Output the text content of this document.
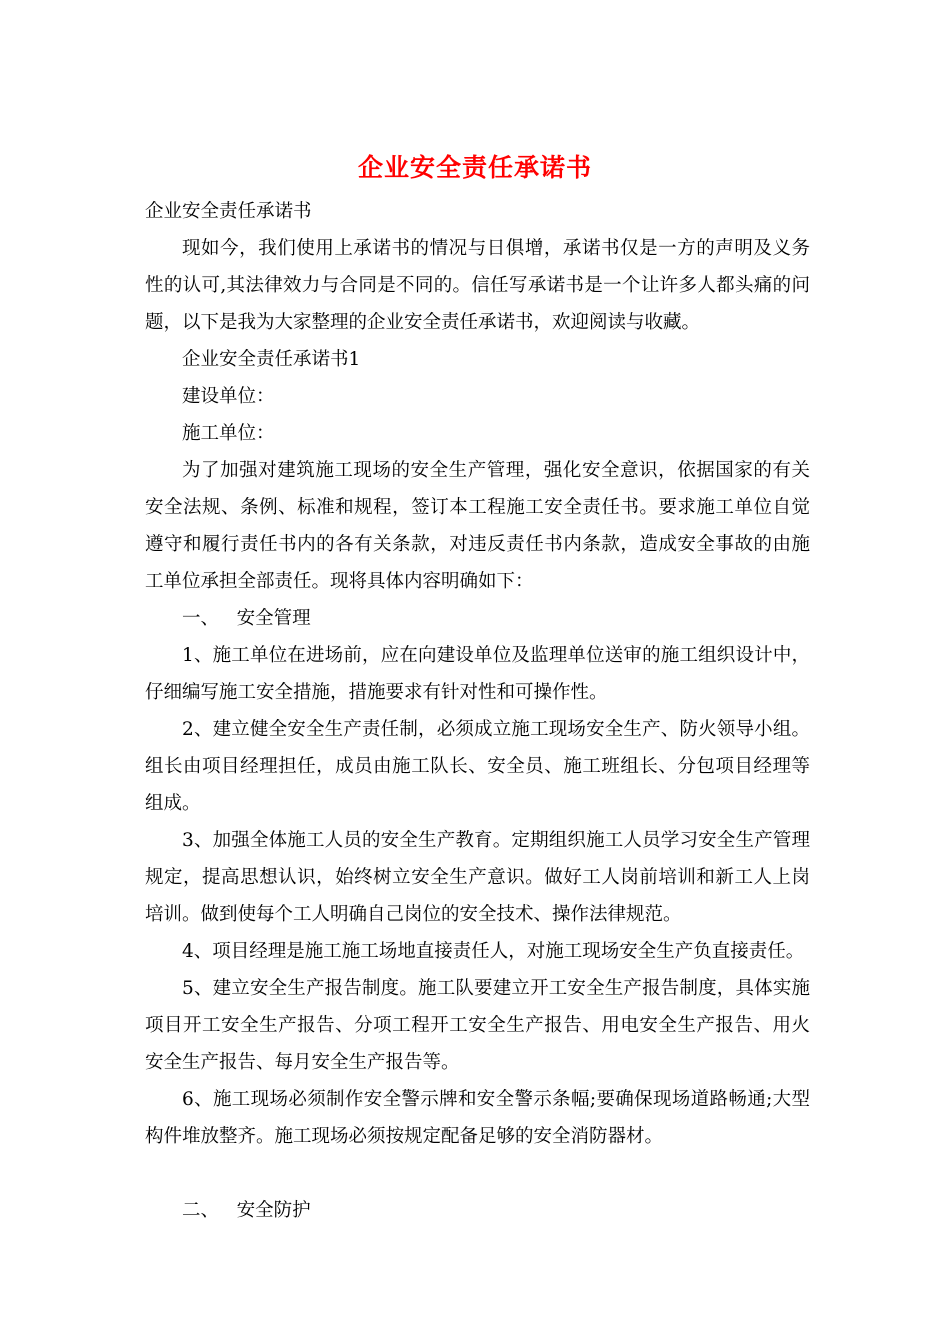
企业安全责任承诺书

企业安全责任承诺书

现如今，我们使用上承诺书的情况与日俱增，承诺书仅是一方的声明及义务性的认可,其法律效力与合同是不同的。信任写承诺书是一个让许多人都头痛的问题，以下是我为大家整理的企业安全责任承诺书，欢迎阅读与收藏。

企业安全责任承诺书1

建设单位：

施工单位：

为了加强对建筑施工现场的安全生产管理，强化安全意识，依据国家的有关安全法规、条例、标准和规程，签订本工程施工安全责任书。要求施工单位自觉遵守和履行责任书内的各有关条款，对违反责任书内条款，造成安全事故的由施工单位承担全部责任。现将具体内容明确如下：

一、   安全管理

1、施工单位在进场前，应在向建设单位及监理单位送审的施工组织设计中，仔细编写施工安全措施，措施要求有针对性和可操作性。

2、建立健全安全生产责任制，必须成立施工现场安全生产、防火领导小组。组长由项目经理担任，成员由施工队长、安全员、施工班组长、分包项目经理等组成。

3、加强全体施工人员的安全生产教育。定期组织施工人员学习安全生产管理规定，提高思想认识，始终树立安全生产意识。做好工人岗前培训和新工人上岗培训。做到使每个工人明确自己岗位的安全技术、操作法律规范。

4、项目经理是施工施工场地直接责任人，对施工现场安全生产负直接责任。

5、建立安全生产报告制度。施工队要建立开工安全生产报告制度，具体实施项目开工安全生产报告、分项工程开工安全生产报告、用电安全生产报告、用火安全生产报告、每月安全生产报告等。

6、施工现场必须制作安全警示牌和安全警示条幅;要确保现场道路畅通;大型构件堆放整齐。施工现场必须按规定配备足够的安全消防器材。

二、   安全防护
